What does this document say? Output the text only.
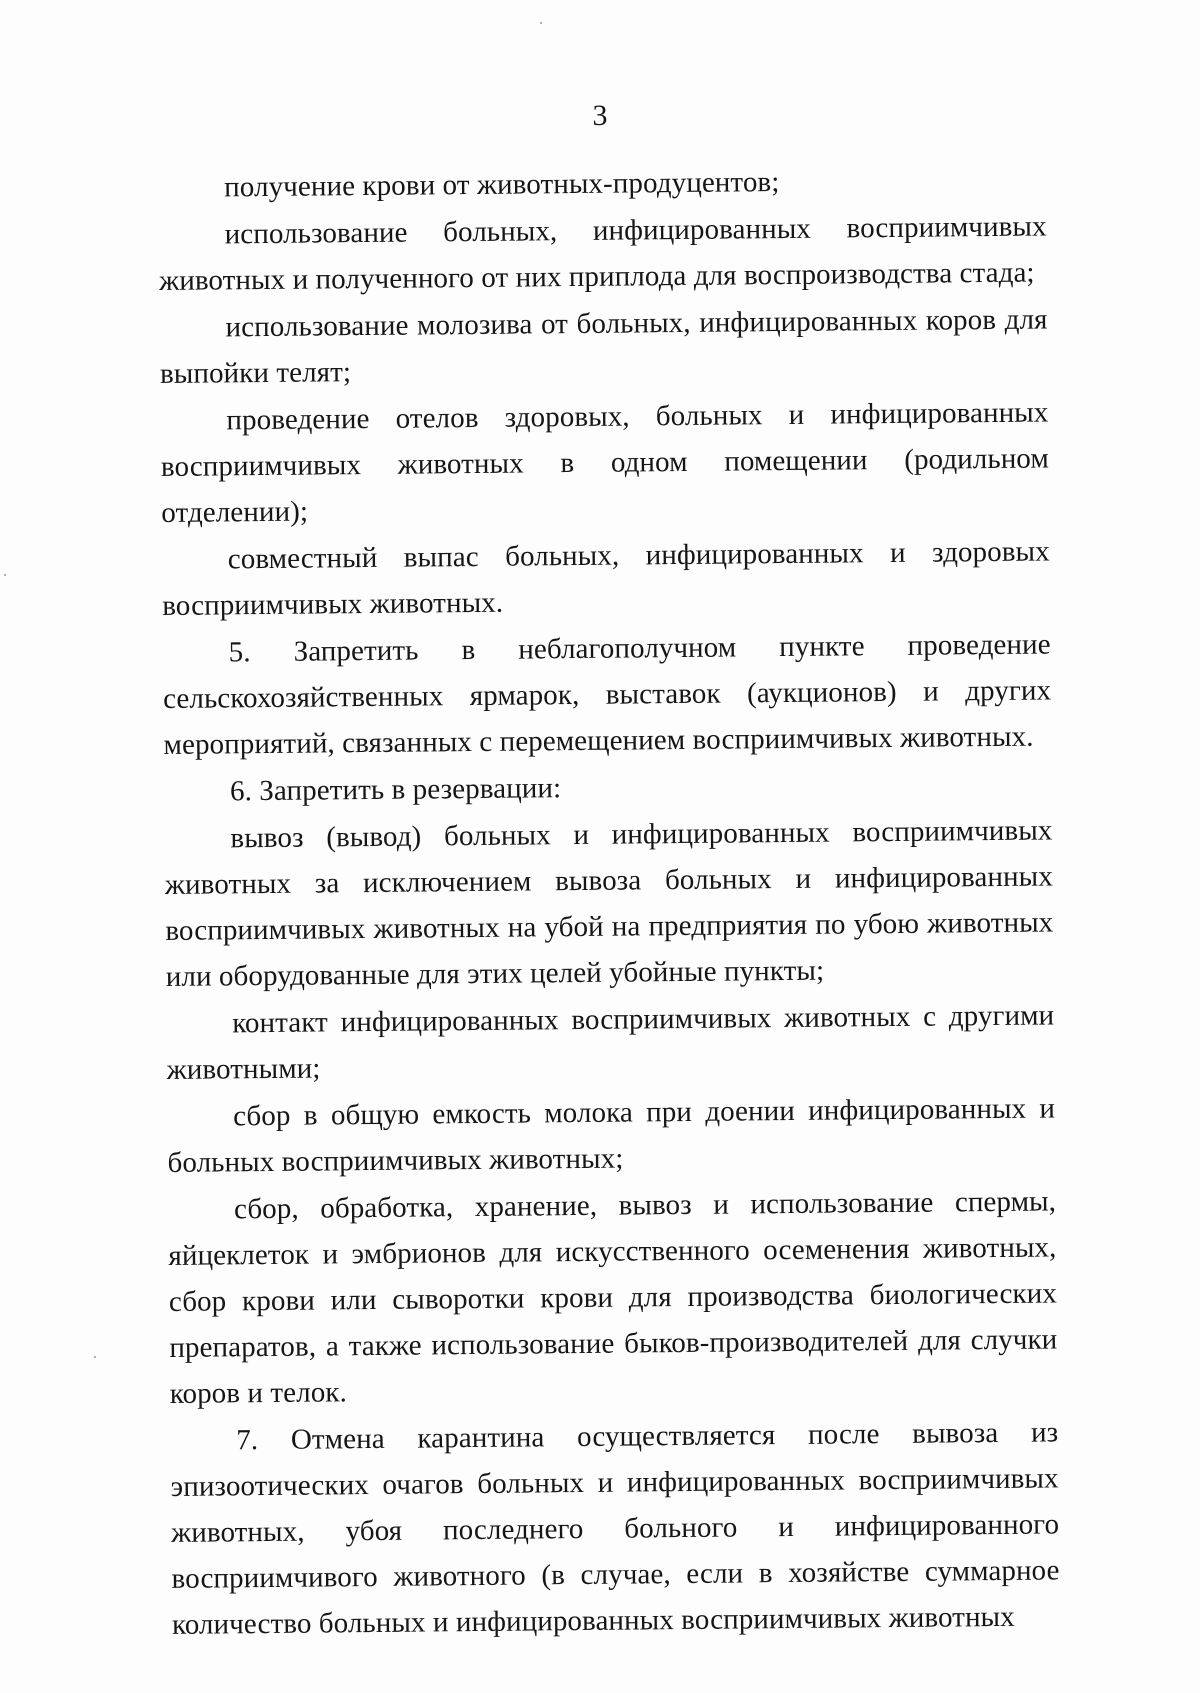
3

получение крови от животных-продуцентов;

использование больных, инфицированных восприимчивых животных и полученного от них приплода для воспроизводства стада;

использование молозива от больных, инфицированных коров для выпойки телят;

проведение отелов здоровых, больных и инфицированных восприимчивых животных в одном помещении (родильном отделении);

совместный выпас больных, инфицированных и здоровых восприимчивых животных.

5. Запретить в неблагополучном пункте проведение сельскохозяйственных ярмарок, выставок (аукционов) и других мероприятий, связанных с перемещением восприимчивых животных.

6. Запретить в резервации:

вывоз (вывод) больных и инфицированных восприимчивых животных за исключением вывоза больных и инфицированных восприимчивых животных на убой на предприятия по убою животных или оборудованные для этих целей убойные пункты;

контакт инфицированных восприимчивых животных с другими животными;

сбор в общую емкость молока при доении инфицированных и больных восприимчивых животных;

сбор, обработка, хранение, вывоз и использование спермы, яйцеклеток и эмбрионов для искусственного осеменения животных, сбор крови или сыворотки крови для производства биологических препаратов, а также использование быков-производителей для случки коров и телок.

7. Отмена карантина осуществляется после вывоза из эпизоотических очагов больных и инфицированных восприимчивых животных, убоя последнего больного и инфицированного восприимчивого животного (в случае, если в хозяйстве суммарное количество больных и инфицированных восприимчивых животных
